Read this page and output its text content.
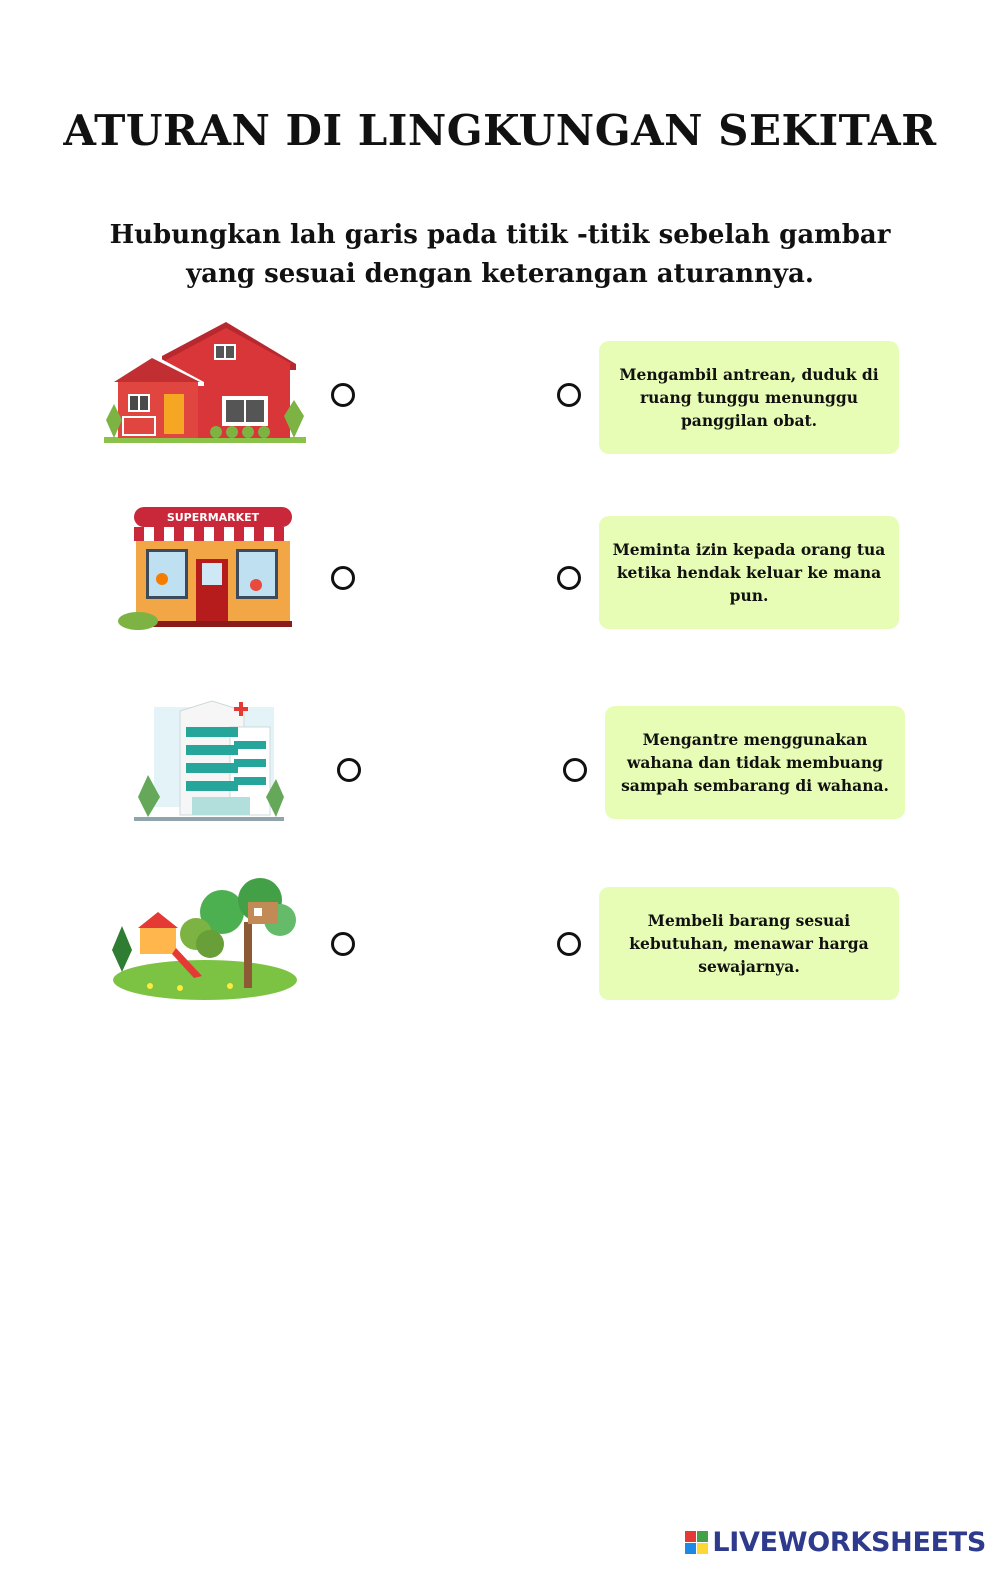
ATURAN DI LINGKUNGAN SEKITAR
Hubungkan lah garis pada titik -titik sebelah gambar yang sesuai dengan keterangan aturannya.
SUPERMARKET
Mengambil antrean, duduk di ruang tunggu menunggu panggilan obat.
Meminta izin kepada orang tua ketika hendak keluar ke mana pun.
Mengantre menggunakan wahana dan tidak membuang sampah sembarang di wahana.
Membeli barang sesuai kebutuhan, menawar harga sewajarnya.
LIVEWORKSHEETS
